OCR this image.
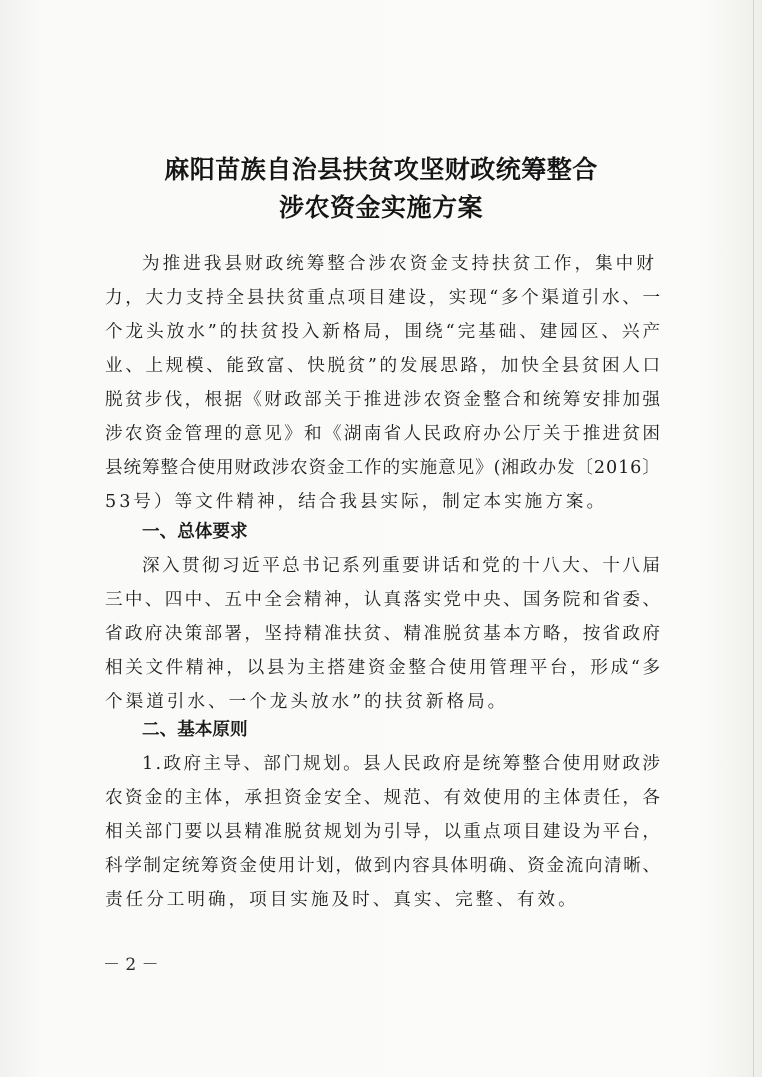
麻阳苗族自治县扶贫攻坚财政统筹整合
涉农资金实施方案
为推进我县财政统筹整合涉农资金支持扶贫工作，集中财
力，大力支持全县扶贫重点项目建设，实现“多个渠道引水、一
个龙头放水”的扶贫投入新格局，围绕“完基础、建园区、兴产
业、上规模、能致富、快脱贫”的发展思路，加快全县贫困人口
脱贫步伐，根据《财政部关于推进涉农资金整合和统筹安排加强
涉农资金管理的意见》和《湖南省人民政府办公厅关于推进贫困
县统筹整合使用财政涉农资金工作的实施意见》(湘政办发〔2016〕
53号）等文件精神，结合我县实际，制定本实施方案。
一、总体要求
深入贯彻习近平总书记系列重要讲话和党的十八大、十八届
三中、四中、五中全会精神，认真落实党中央、国务院和省委、
省政府决策部署，坚持精准扶贫、精准脱贫基本方略，按省政府
相关文件精神，以县为主搭建资金整合使用管理平台，形成“多
个渠道引水、一个龙头放水”的扶贫新格局。
二、基本原则
1.政府主导、部门规划。县人民政府是统筹整合使用财政涉
农资金的主体，承担资金安全、规范、有效使用的主体责任，各
相关部门要以县精准脱贫规划为引导，以重点项目建设为平台，
科学制定统筹资金使用计划，做到内容具体明确、资金流向清晰、
责任分工明确，项目实施及时、真实、完整、有效。
－ 2 －
